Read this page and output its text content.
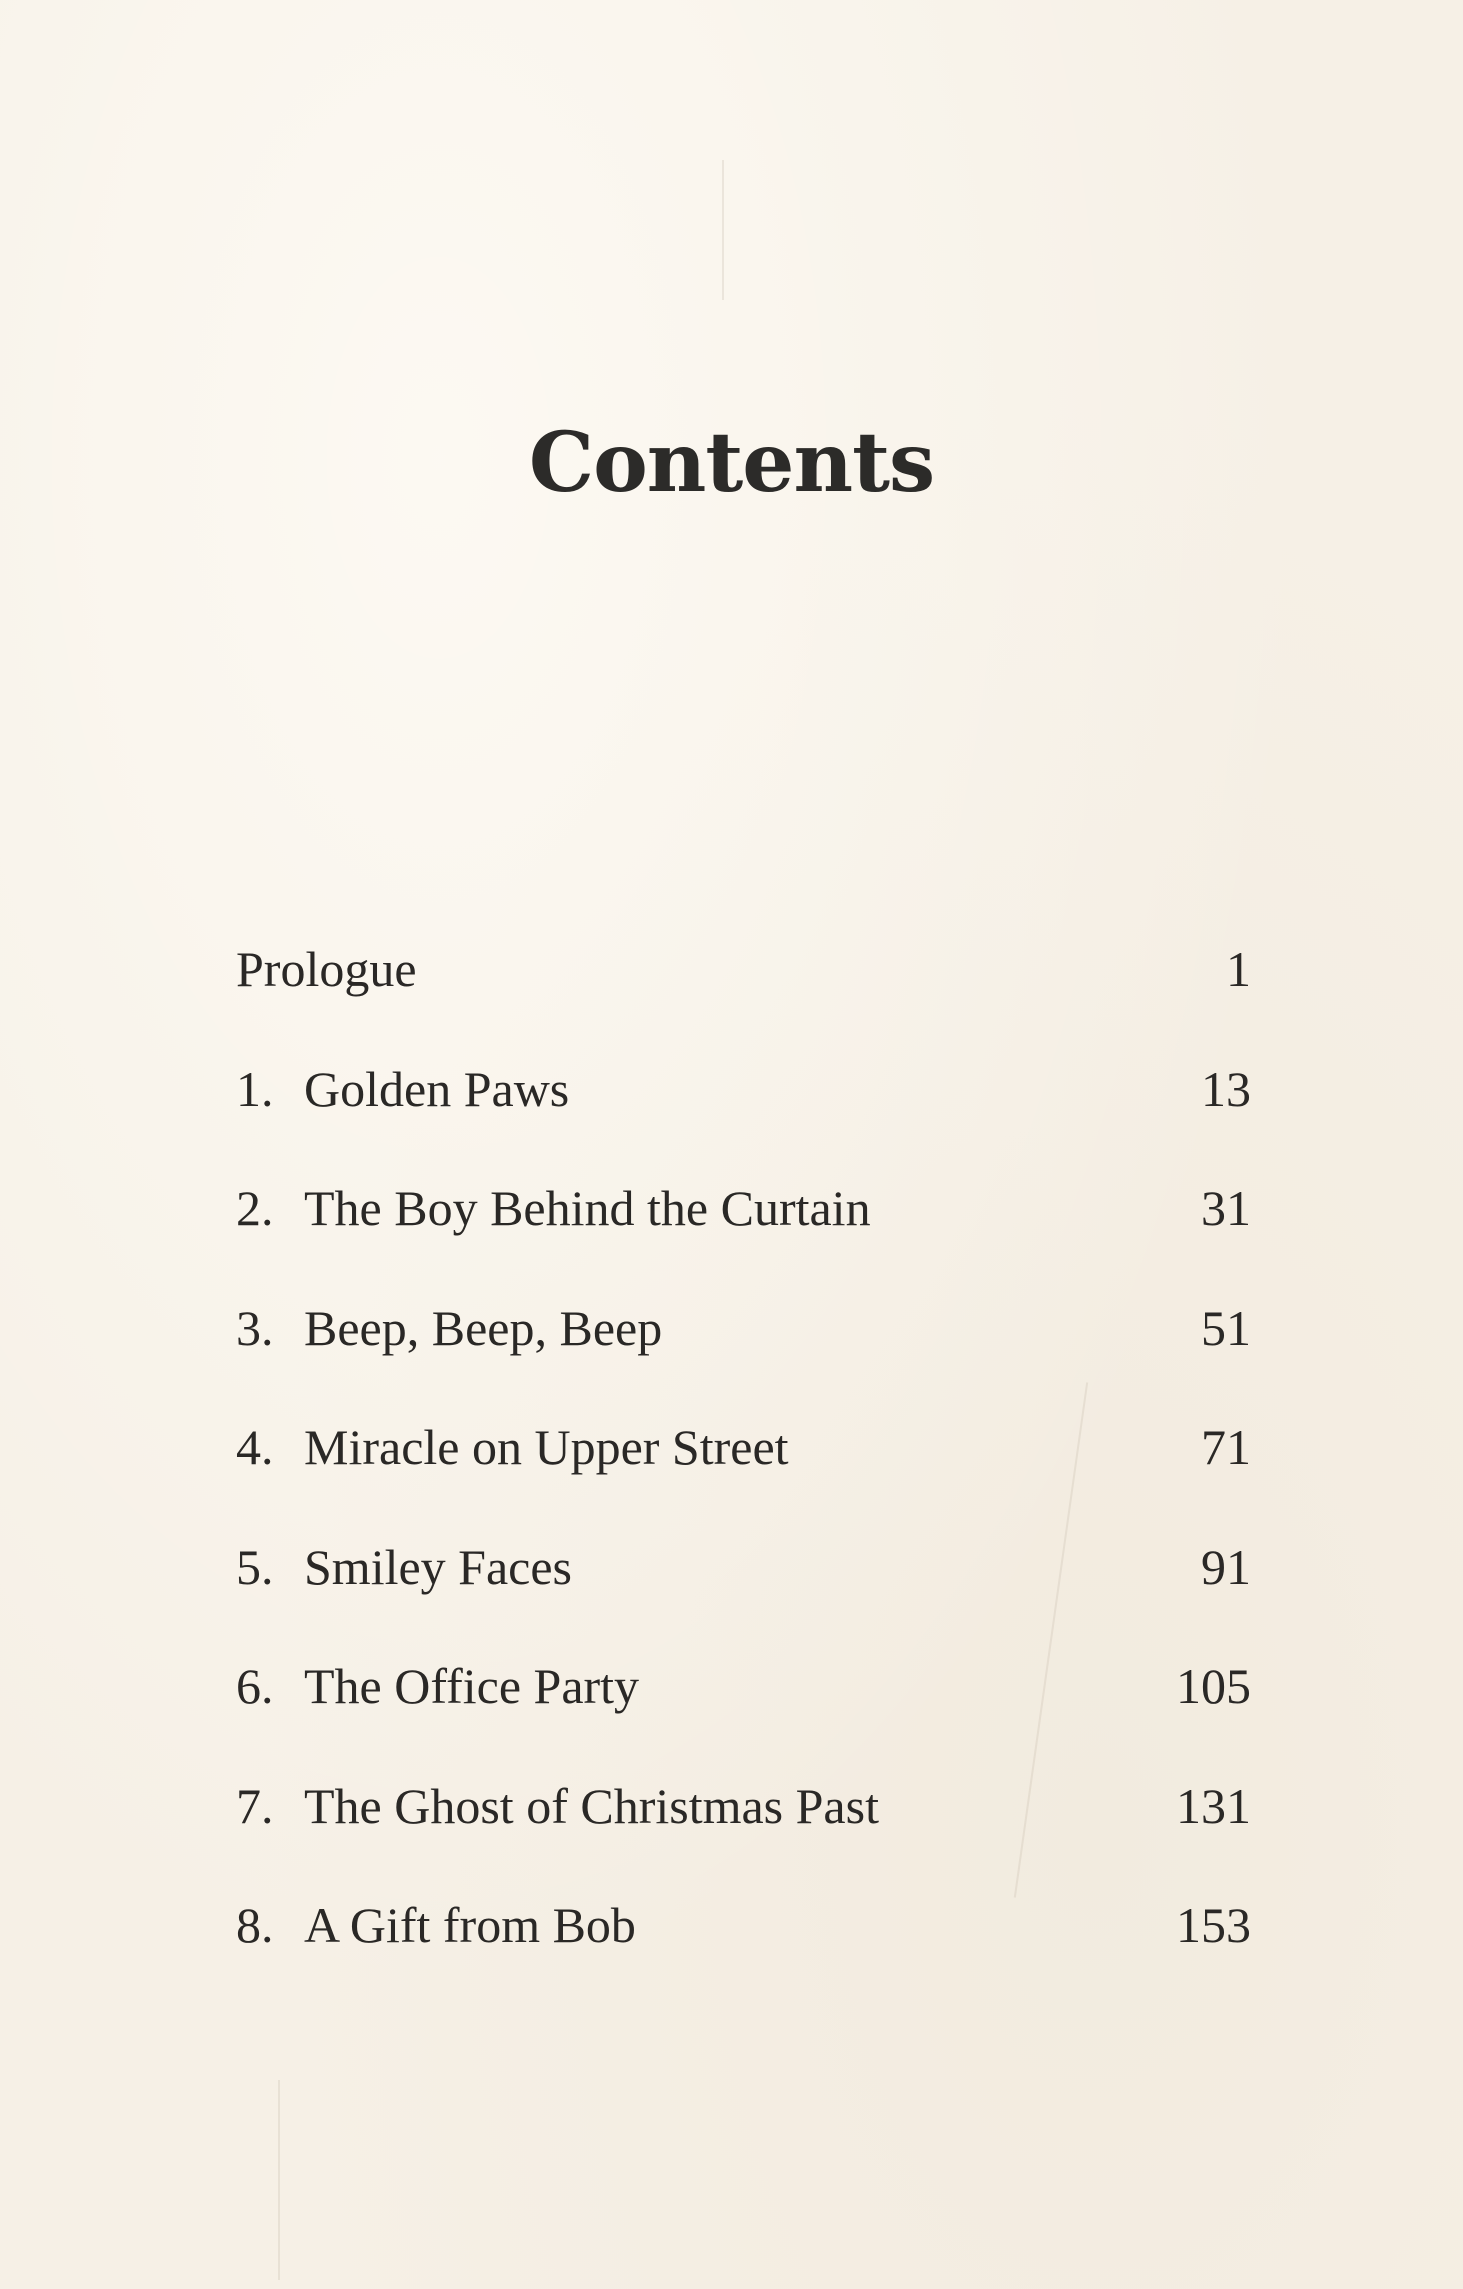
Contents
Prologue	1
1. Golden Paws	13
2. The Boy Behind the Curtain	31
3. Beep, Beep, Beep	51
4. Miracle on Upper Street	71
5. Smiley Faces	91
6. The Office Party	105
7. The Ghost of Christmas Past	131
8. A Gift from Bob	153
